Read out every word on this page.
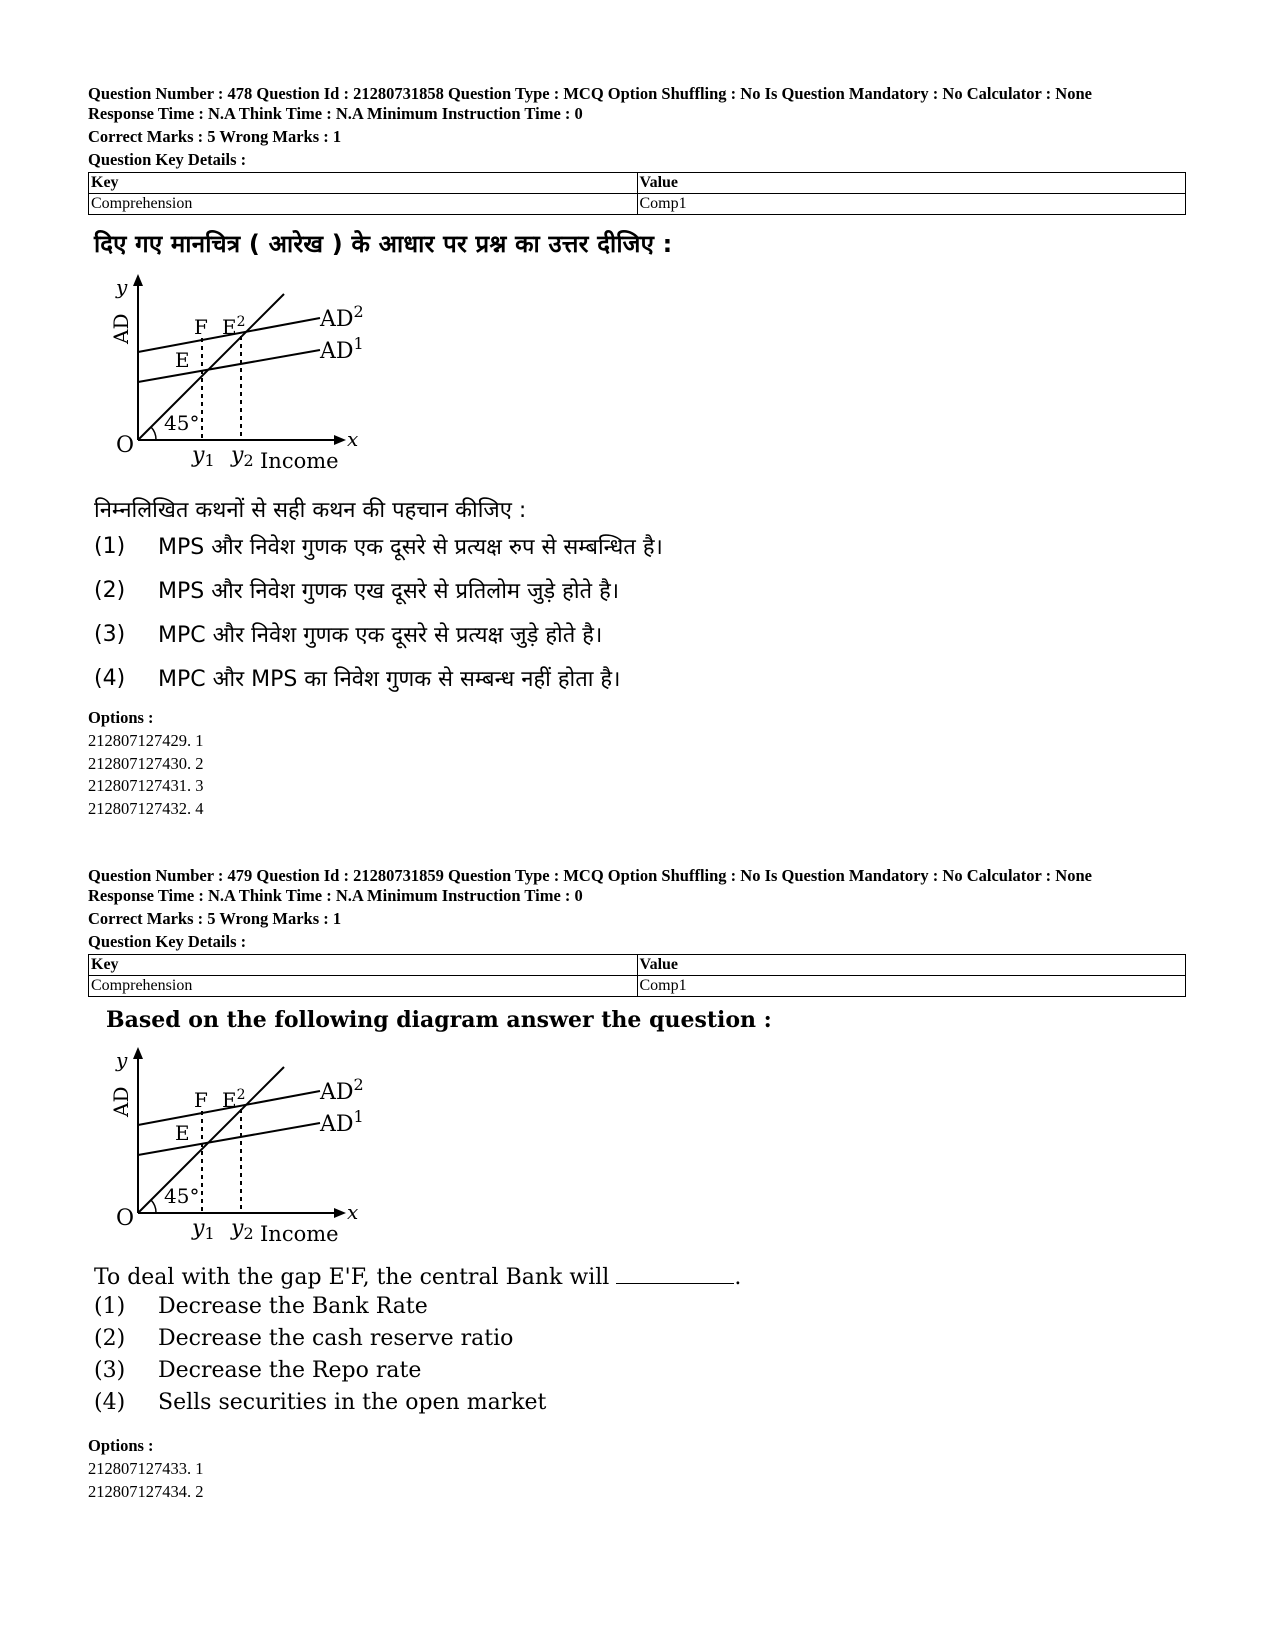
Question Number : 478 Question Id : 21280731858 Question Type : MCQ Option Shuffling : No Is Question Mandatory : No Calculator : None

Response Time : N.A Think Time : N.A Minimum Instruction Time : 0

Correct Marks : 5 Wrong Marks : 1

Question Key Details :

Key	Value
Comprehension	Comp1
दिए गए मानचित्र ( आरेख ) के आधार पर प्रश्न का उत्तर दीजिए :
y
AD
O
45°
F $E^2$
E
$AD^2$
$AD^1$
x
y1 y2 Income
निम्नलिखित कथनों से सही कथन की पहचान कीजिए :
(1)	MPS और निवेश गुणक एक दूसरे से प्रत्यक्ष रुप से सम्बन्धित है।
(2)	MPS और निवेश गुणक एख दूसरे से प्रतिलोम जुड़े होते है।
(3)	MPC और निवेश गुणक एक दूसरे से प्रत्यक्ष जुड़े होते है।
(4)	MPC और MPS का निवेश गुणक से सम्बन्ध नहीं होता है।

Options :

212807127429. 1

212807127430. 2

212807127431. 3

212807127432. 4

Question Number : 479 Question Id : 21280731859 Question Type : MCQ Option Shuffling : No Is Question Mandatory : No Calculator : None

Response Time : N.A Think Time : N.A Minimum Instruction Time : 0

Correct Marks : 5 Wrong Marks : 1

Question Key Details :

Key	Value
Comprehension	Comp1
Based on the following diagram answer the question :
y
AD
O
45°
F $E^2$
E
$AD^2$
$AD^1$
x
y1 y2 Income
To deal with the gap E'F, the central Bank will	.
(1)	Decrease the Bank Rate
(2)	Decrease the cash reserve ratio
(3)	Decrease the Repo rate
(4)	Sells securities in the open market

Options :

212807127433. 1

212807127434. 2
